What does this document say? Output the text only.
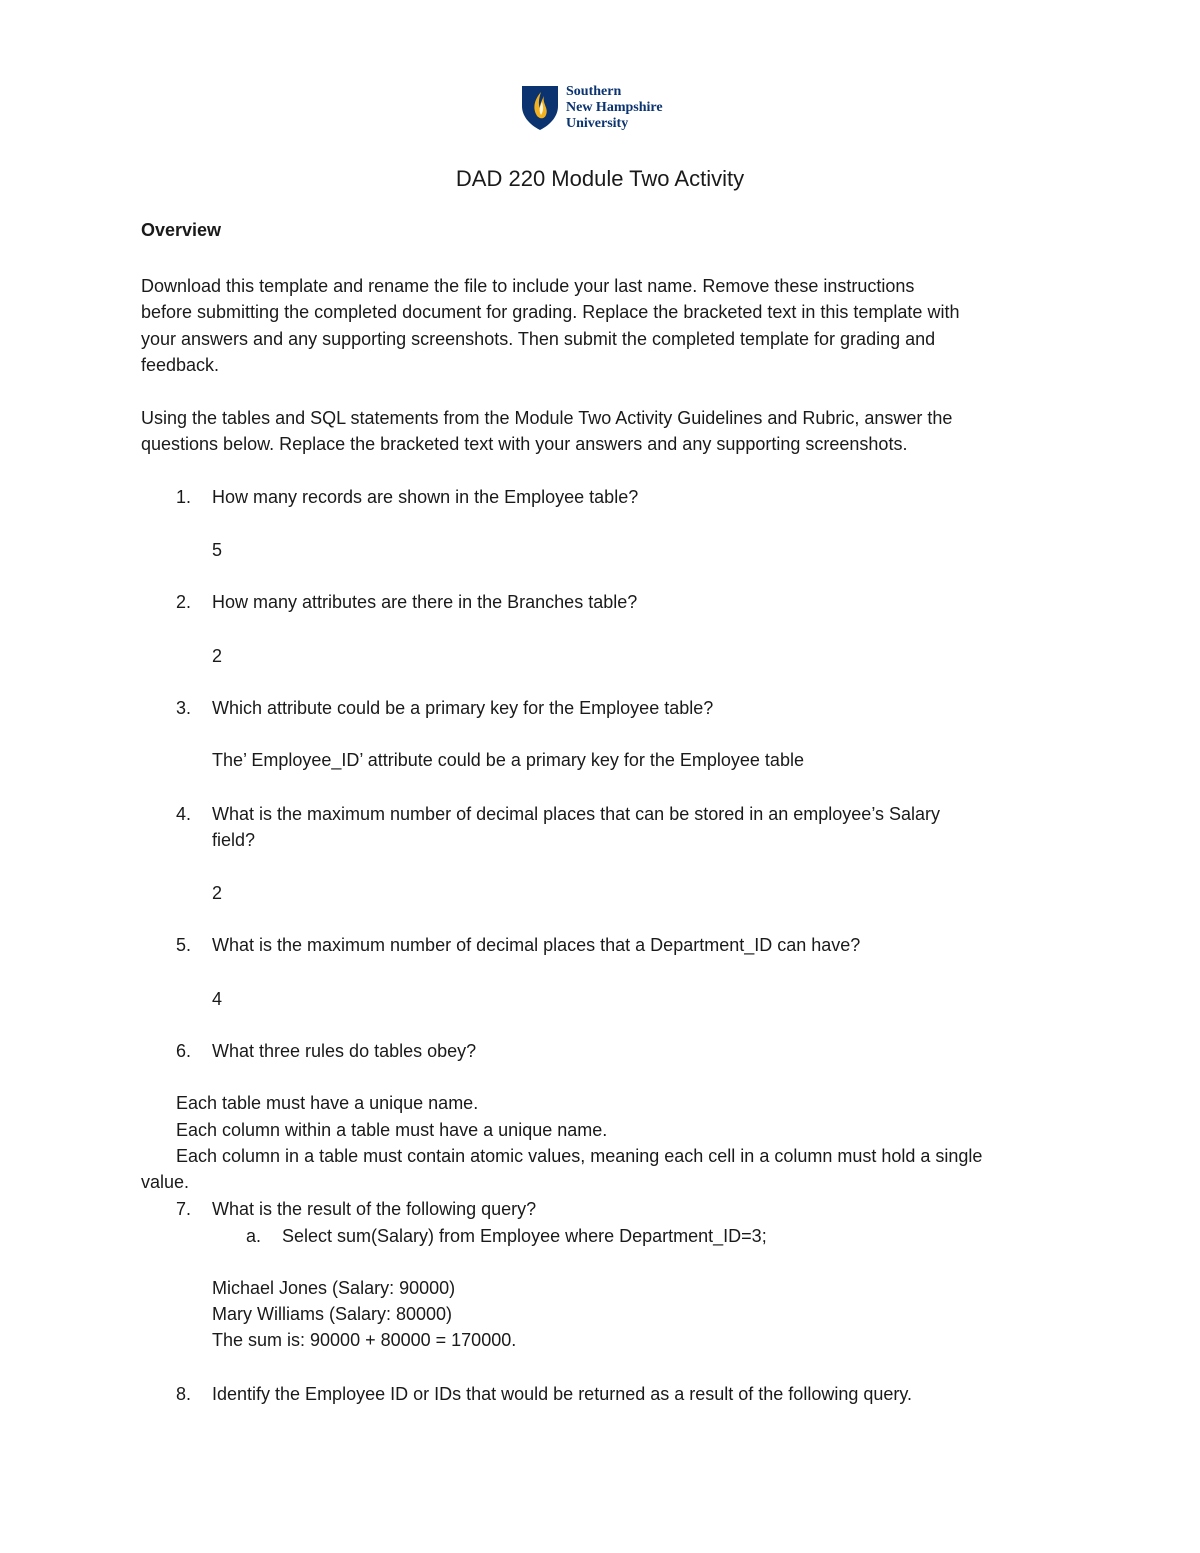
Southern
New Hampshire
University
DAD 220 Module Two Activity
Overview
Download this template and rename the file to include your last name. Remove these instructions
before submitting the completed document for grading. Replace the bracketed text in this template with
your answers and any supporting screenshots. Then submit the completed template for grading and
feedback.
Using the tables and SQL statements from the Module Two Activity Guidelines and Rubric, answer the
questions below. Replace the bracketed text with your answers and any supporting screenshots.
1. How many records are shown in the Employee table?
5
2. How many attributes are there in the Branches table?
2
3. Which attribute could be a primary key for the Employee table?
The’ Employee_ID’ attribute could be a primary key for the Employee table
4. What is the maximum number of decimal places that can be stored in an employee’s Salary
field?
2
5. What is the maximum number of decimal places that a Department_ID can have?
4
6. What three rules do tables obey?
Each table must have a unique name.
Each column within a table must have a unique name.
Each column in a table must contain atomic values, meaning each cell in a column must hold a single
value.
7. What is the result of the following query?
a. Select sum(Salary) from Employee where Department_ID=3;
Michael Jones (Salary: 90000)
Mary Williams (Salary: 80000)
The sum is: 90000 + 80000 = 170000.
8. Identify the Employee ID or IDs that would be returned as a result of the following query.
